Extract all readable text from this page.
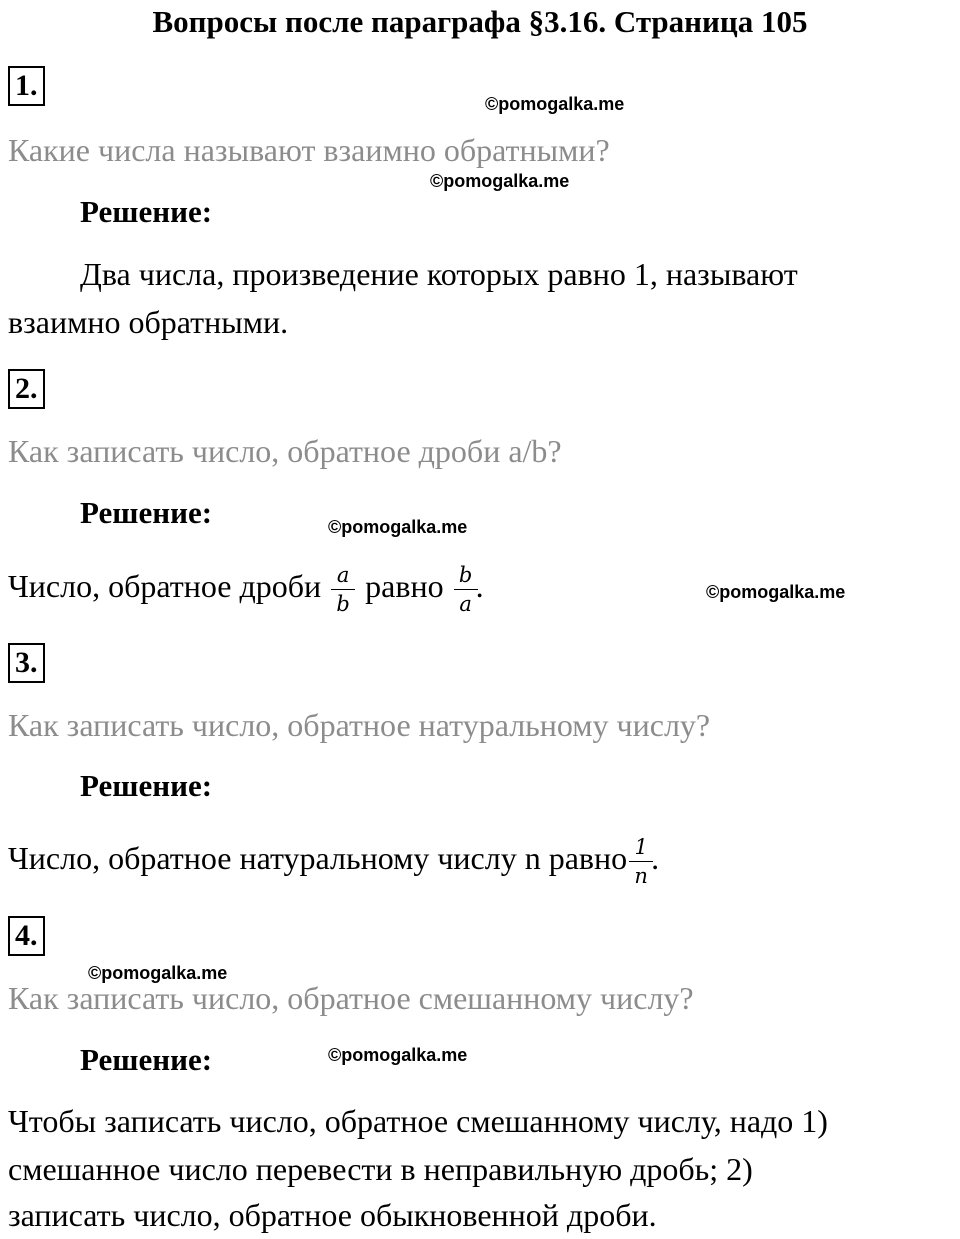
Вопросы после параграфа §3.16. Страница 105
1.
©pomogalka.me
Какие числа называют взаимно обратными?
©pomogalka.me
Решение:
Два числа, произведение которых равно 1, называют
взаимно обратными.
2.
Как записать число, обратное дроби a/b?
Решение:	©pomogalka.me
Число, обратное дроби $\frac{a}{b}$ равно $\frac{b}{a}$ .	©pomogalka.me
3.
Как записать число, обратное натуральному числу?
Решение:
Число, обратное натуральному числу n равно $\frac{1}{n}$ .
4.
©pomogalka.me
Как записать число, обратное смешанному числу?
Решение:	©pomogalka.me
Чтобы записать число, обратное смешанному числу, надо 1)
смешанное число перевести в неправильную дробь; 2)
записать число, обратное обыкновенной дроби.
